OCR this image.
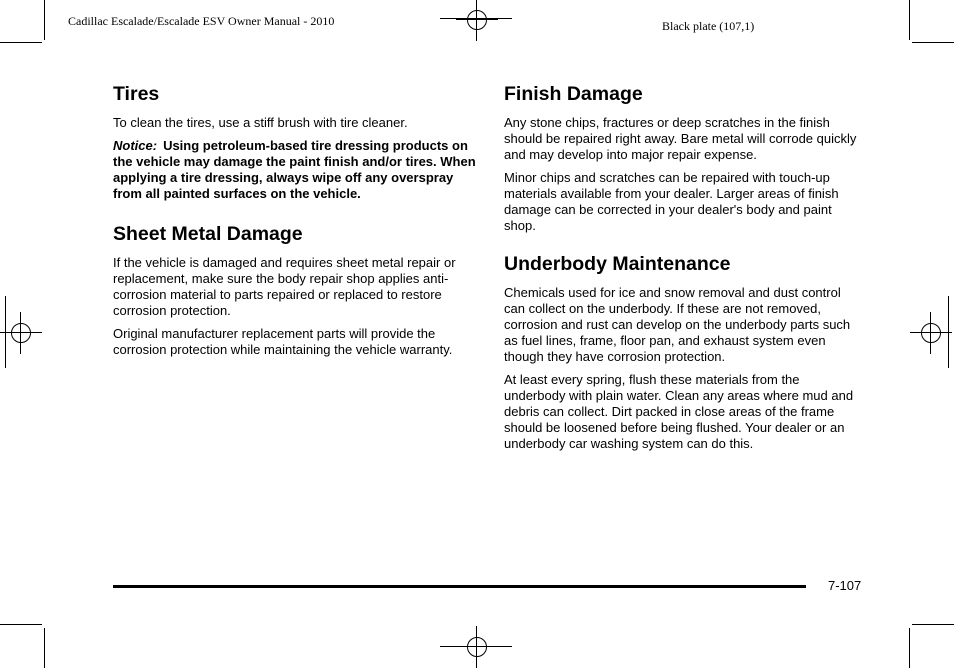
Cadillac Escalade/Escalade ESV Owner Manual - 2010	Black plate (107,1)
Tires

To clean the tires, use a stiff brush with tire cleaner.

Notice: Using petroleum-based tire dressing products on the vehicle may damage the paint finish and/or tires. When applying a tire dressing, always wipe off any overspray from all painted surfaces on the vehicle.

Sheet Metal Damage

If the vehicle is damaged and requires sheet metal repair or replacement, make sure the body repair shop applies anti-corrosion material to parts repaired or replaced to restore corrosion protection.

Original manufacturer replacement parts will provide the corrosion protection while maintaining the vehicle warranty.

Finish Damage

Any stone chips, fractures or deep scratches in the finish should be repaired right away. Bare metal will corrode quickly and may develop into major repair expense.

Minor chips and scratches can be repaired with touch-up materials available from your dealer. Larger areas of finish damage can be corrected in your dealer's body and paint shop.

Underbody Maintenance

Chemicals used for ice and snow removal and dust control can collect on the underbody. If these are not removed, corrosion and rust can develop on the underbody parts such as fuel lines, frame, floor pan, and exhaust system even though they have corrosion protection.

At least every spring, flush these materials from the underbody with plain water. Clean any areas where mud and debris can collect. Dirt packed in close areas of the frame should be loosened before being flushed. Your dealer or an underbody car washing system can do this.

7-107
